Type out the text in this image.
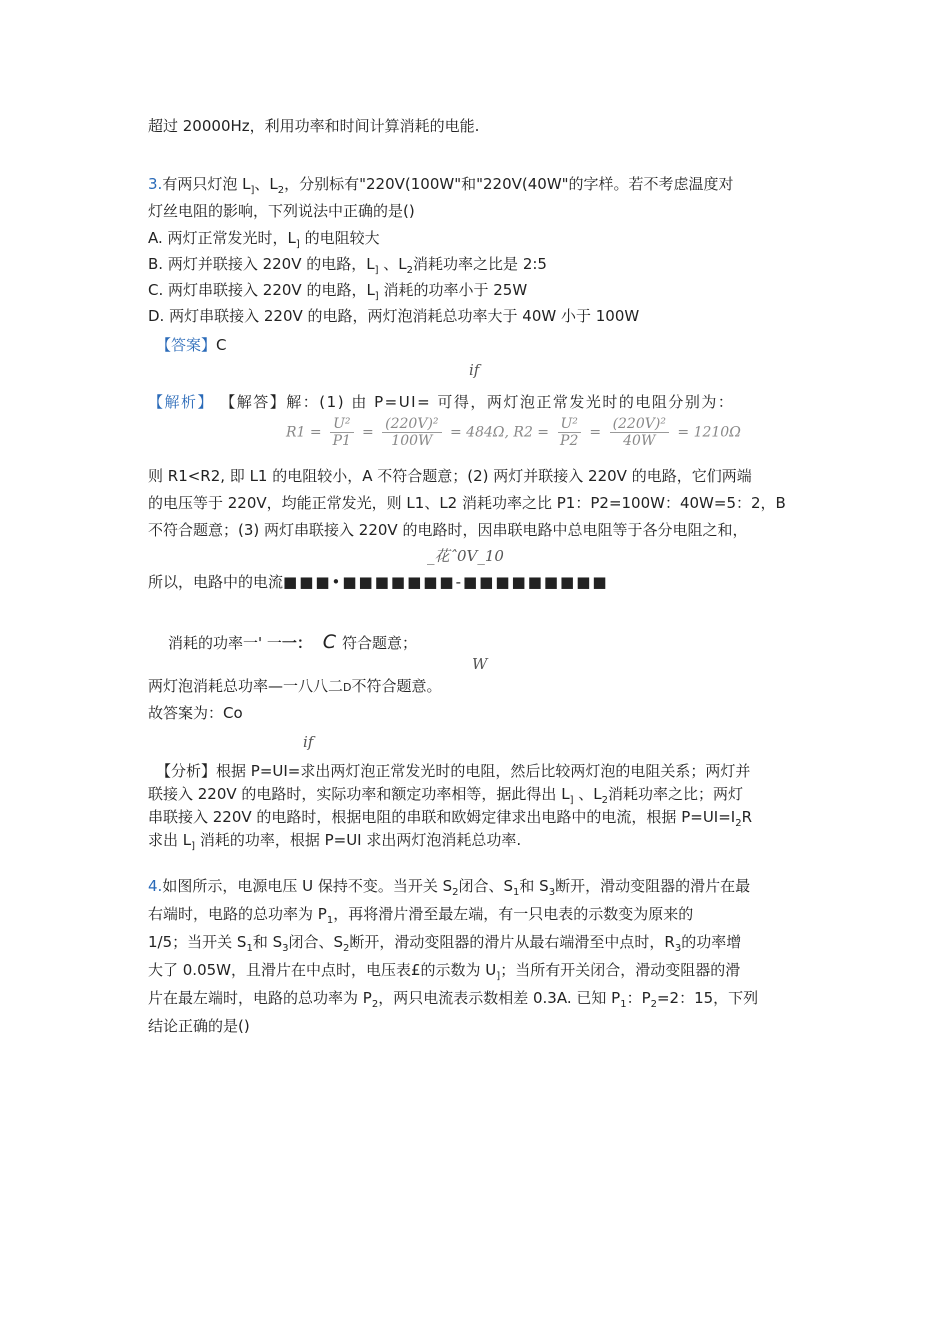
超过 20000Hz，利用功率和时间计算消耗的电能.
3.有两只灯泡 $L_]$、$L_2$，分别标有"220V(100W"和"220V(40W"的字样。若不考虑温度对
灯丝电阻的影响，下列说法中正确的是()
A. 两灯正常发光时，$L_]$ 的电阻较大
B. 两灯并联接入 220V 的电路，$L_]$ 、$L_2$消耗功率之比是 2:5
C. 两灯串联接入 220V 的电路，$L_]$ 消耗的功率小于 25W
D. 两灯串联接入 220V 的电路，两灯泡消耗总功率大于 40W 小于 100W
【答案】C
if
【解析】 【解答】解：(1) 由 P=UI= 可得，两灯泡正常发光时的电阻分别为：
$R1 = \frac{\text{U²}}{P1} = \frac{\text{(220V)²}}{100W} = 484\Omega$, $R2 = \frac{\text{U²}}{P2} = \frac{\text{(220V)²}}{40W} = 1210\Omega$
则 R1<R2, 即 L1 的电阻较小，A 不符合题意；(2) 两灯并联接入 220V 的电路，它们两端
的电压等于 220V，均能正常发光，则 L1、L2 消耗功率之比 P1：P2=100W：40W=5：2，B
不符合题意；(3) 两灯串联接入 220V 的电路时，因串联电路中总电阻等于各分电阻之和，
_花ˆ0V_10
所以，电路中的电流■■■•■■■■■■■-■■■■■■■■■
消耗的功率一' 一一： C 符合题意；
W
两灯泡消耗总功率—一八八二D不符合题意。
故答案为：Co
if
【分析】根据 P=UI=求出两灯泡正常发光时的电阻，然后比较两灯泡的电阻关系；两灯并
联接入 220V 的电路时，实际功率和额定功率相等，据此得出 $L_]$ 、$L_2$消耗功率之比；两灯
串联接入 220V 的电路时，根据电阻的串联和欧姆定律求出电路中的电流，根据 $P=UI=I_2R$
求出 $L_]$ 消耗的功率，根据 P=UI 求出两灯泡消耗总功率.
4.如图所示，电源电压 U 保持不变。当开关 $S_2$闭合、$S_1$和 $S_3$断开，滑动变阻器的滑片在最
右端时，电路的总功率为 $P_1$，再将滑片滑至最左端，有一只电表的示数变为原来的
1/5；当开关 $S_1$和 $S_3$闭合、$S_2$断开，滑动变阻器的滑片从最右端滑至中点时，$R_3$的功率增
大了 0.05W，且滑片在中点时，电压表£的示数为 $U_]$；当所有开关闭合，滑动变阻器的滑
片在最左端时，电路的总功率为 $P_2$，两只电流表示数相差 0.3A. 已知 $P_1$：$P_2=2$：15，下列
结论正确的是()
